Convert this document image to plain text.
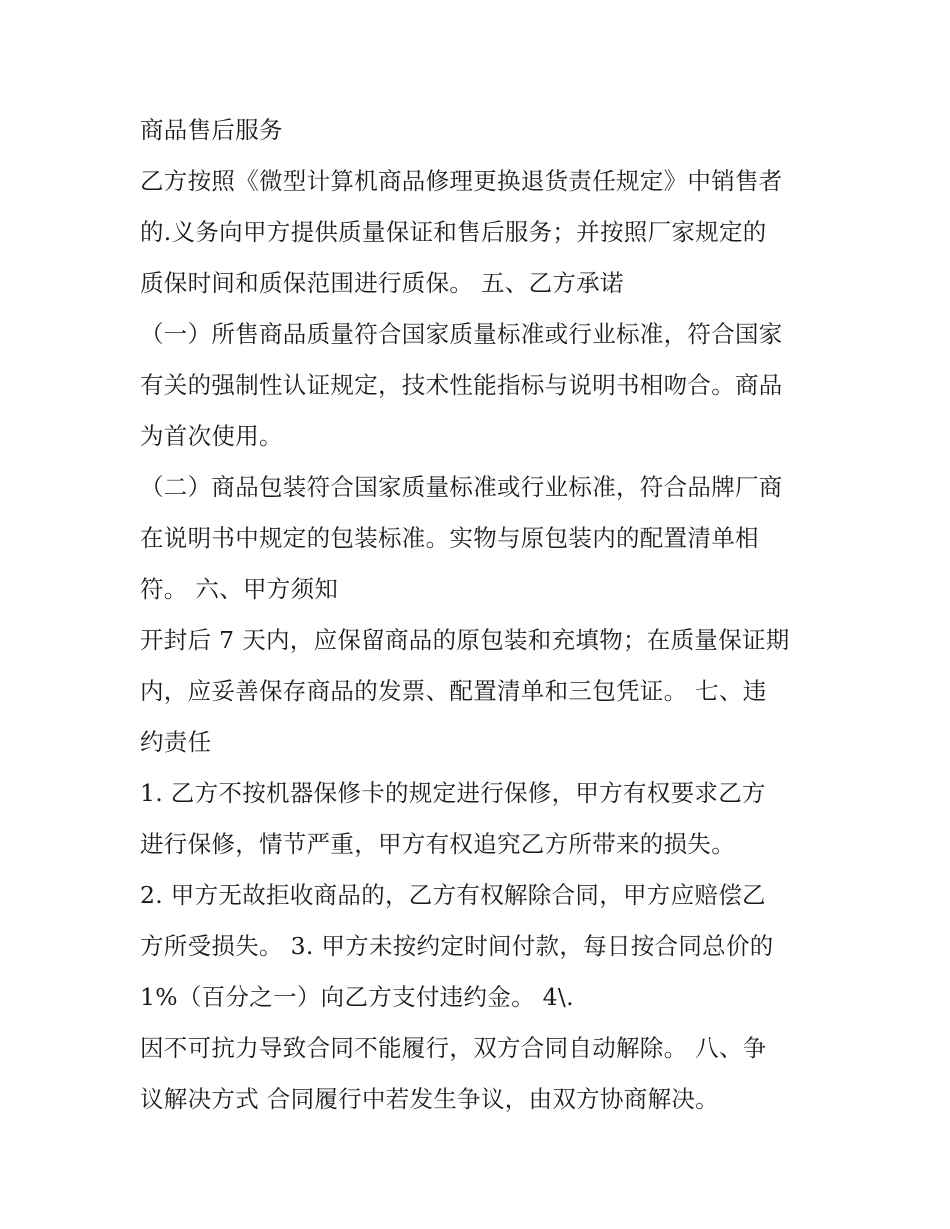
商品售后服务
乙方按照《微型计算机商品修理更换退货责任规定》中销售者
的.义务向甲方提供质量保证和售后服务；并按照厂家规定的
质保时间和质保范围进行质保。 五、乙方承诺
（一）所售商品质量符合国家质量标准或行业标准，符合国家
有关的强制性认证规定，技术性能指标与说明书相吻合。商品
为首次使用。
（二）商品包装符合国家质量标准或行业标准，符合品牌厂商
在说明书中规定的包装标准。实物与原包装内的配置清单相
符。 六、甲方须知
开封后 7 天内，应保留商品的原包装和充填物；在质量保证期
内，应妥善保存商品的发票、配置清单和三包凭证。 七、违
约责任
1. 乙方不按机器保修卡的规定进行保修，甲方有权要求乙方
进行保修，情节严重，甲方有权追究乙方所带来的损失。
2. 甲方无故拒收商品的，乙方有权解除合同，甲方应赔偿乙
方所受损失。 3. 甲方未按约定时间付款，每日按合同总价的
1%（百分之一）向乙方支付违约金。 4\.
因不可抗力导致合同不能履行，双方合同自动解除。 八、争
议解决方式 合同履行中若发生争议，由双方协商解决。
